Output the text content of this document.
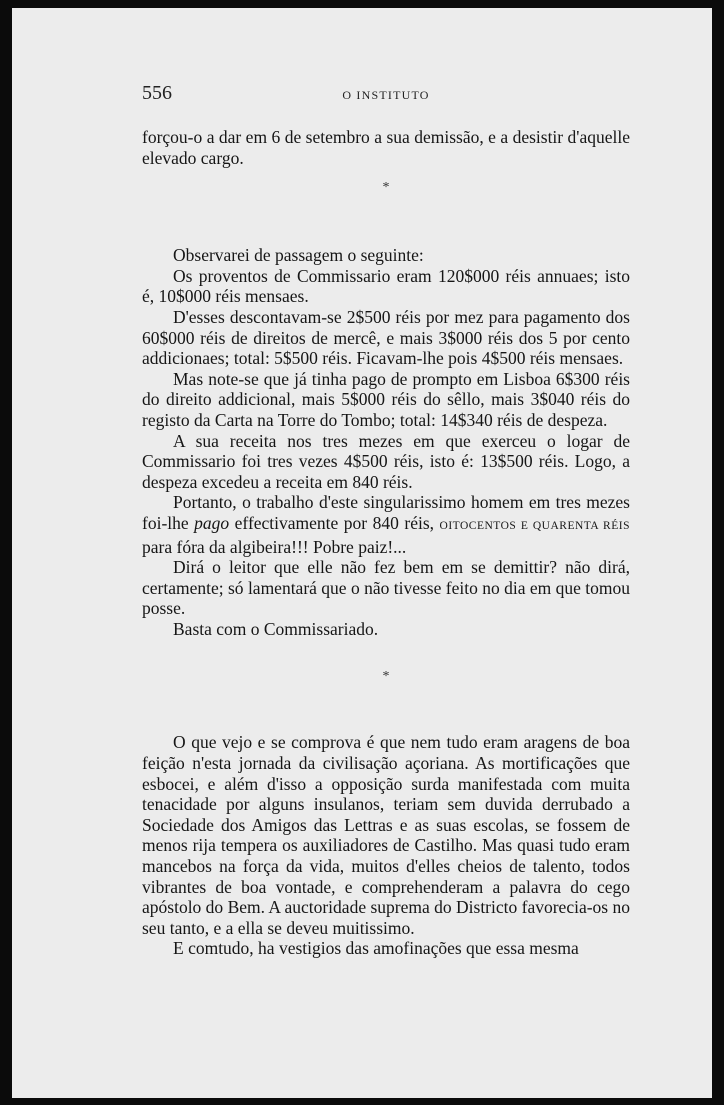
556	O INSTITUTO

forçou-o a dar em 6 de setembro a sua demissão, e a desistir d'aquelle elevado cargo.

*

Observarei de passagem o seguinte:

Os proventos de Commissario eram 120$000 réis annuaes; isto é, 10$000 réis mensaes.

D'esses descontavam-se 2$500 réis por mez para pagamento dos 60$000 réis de direitos de mercê, e mais 3$000 réis dos 5 por cento addicionaes; total: 5$500 réis. Ficavam-lhe pois 4$500 réis mensaes.

Mas note-se que já tinha pago de prompto em Lisboa 6$300 réis do direito addicional, mais 5$000 réis do sêllo, mais 3$040 réis do registo da Carta na Torre do Tombo; total: 14$340 réis de despeza.

A sua receita nos tres mezes em que exerceu o logar de Commissario foi tres vezes 4$500 réis, isto é: 13$500 réis. Logo, a despeza excedeu a receita em 840 réis.

Portanto, o trabalho d'este singularissimo homem em tres mezes foi-lhe pago effectivamente por 840 réis, OITOCENTOS E QUARENTA RÉIS para fóra da algibeira!!! Pobre paiz!...

Dirá o leitor que elle não fez bem em se demittir? não dirá, certamente; só lamentará que o não tivesse feito no dia em que tomou posse.

Basta com o Commissariado.

*

O que vejo e se comprova é que nem tudo eram aragens de boa feição n'esta jornada da civilisação açoriana. As mortificações que esbocei, e além d'isso a opposição surda manifestada com muita tenacidade por alguns insulanos, teriam sem duvida derrubado a Sociedade dos Amigos das Lettras e as suas escolas, se fossem de menos rija tempera os auxiliadores de Castilho. Mas quasi tudo eram mancebos na força da vida, muitos d'elles cheios de talento, todos vibrantes de boa vontade, e comprehenderam a palavra do cego apóstolo do Bem. A auctoridade suprema do Districto favorecia-os no seu tanto, e a ella se deveu muitissimo.

E comtudo, ha vestigios das amofinações que essa mesma
